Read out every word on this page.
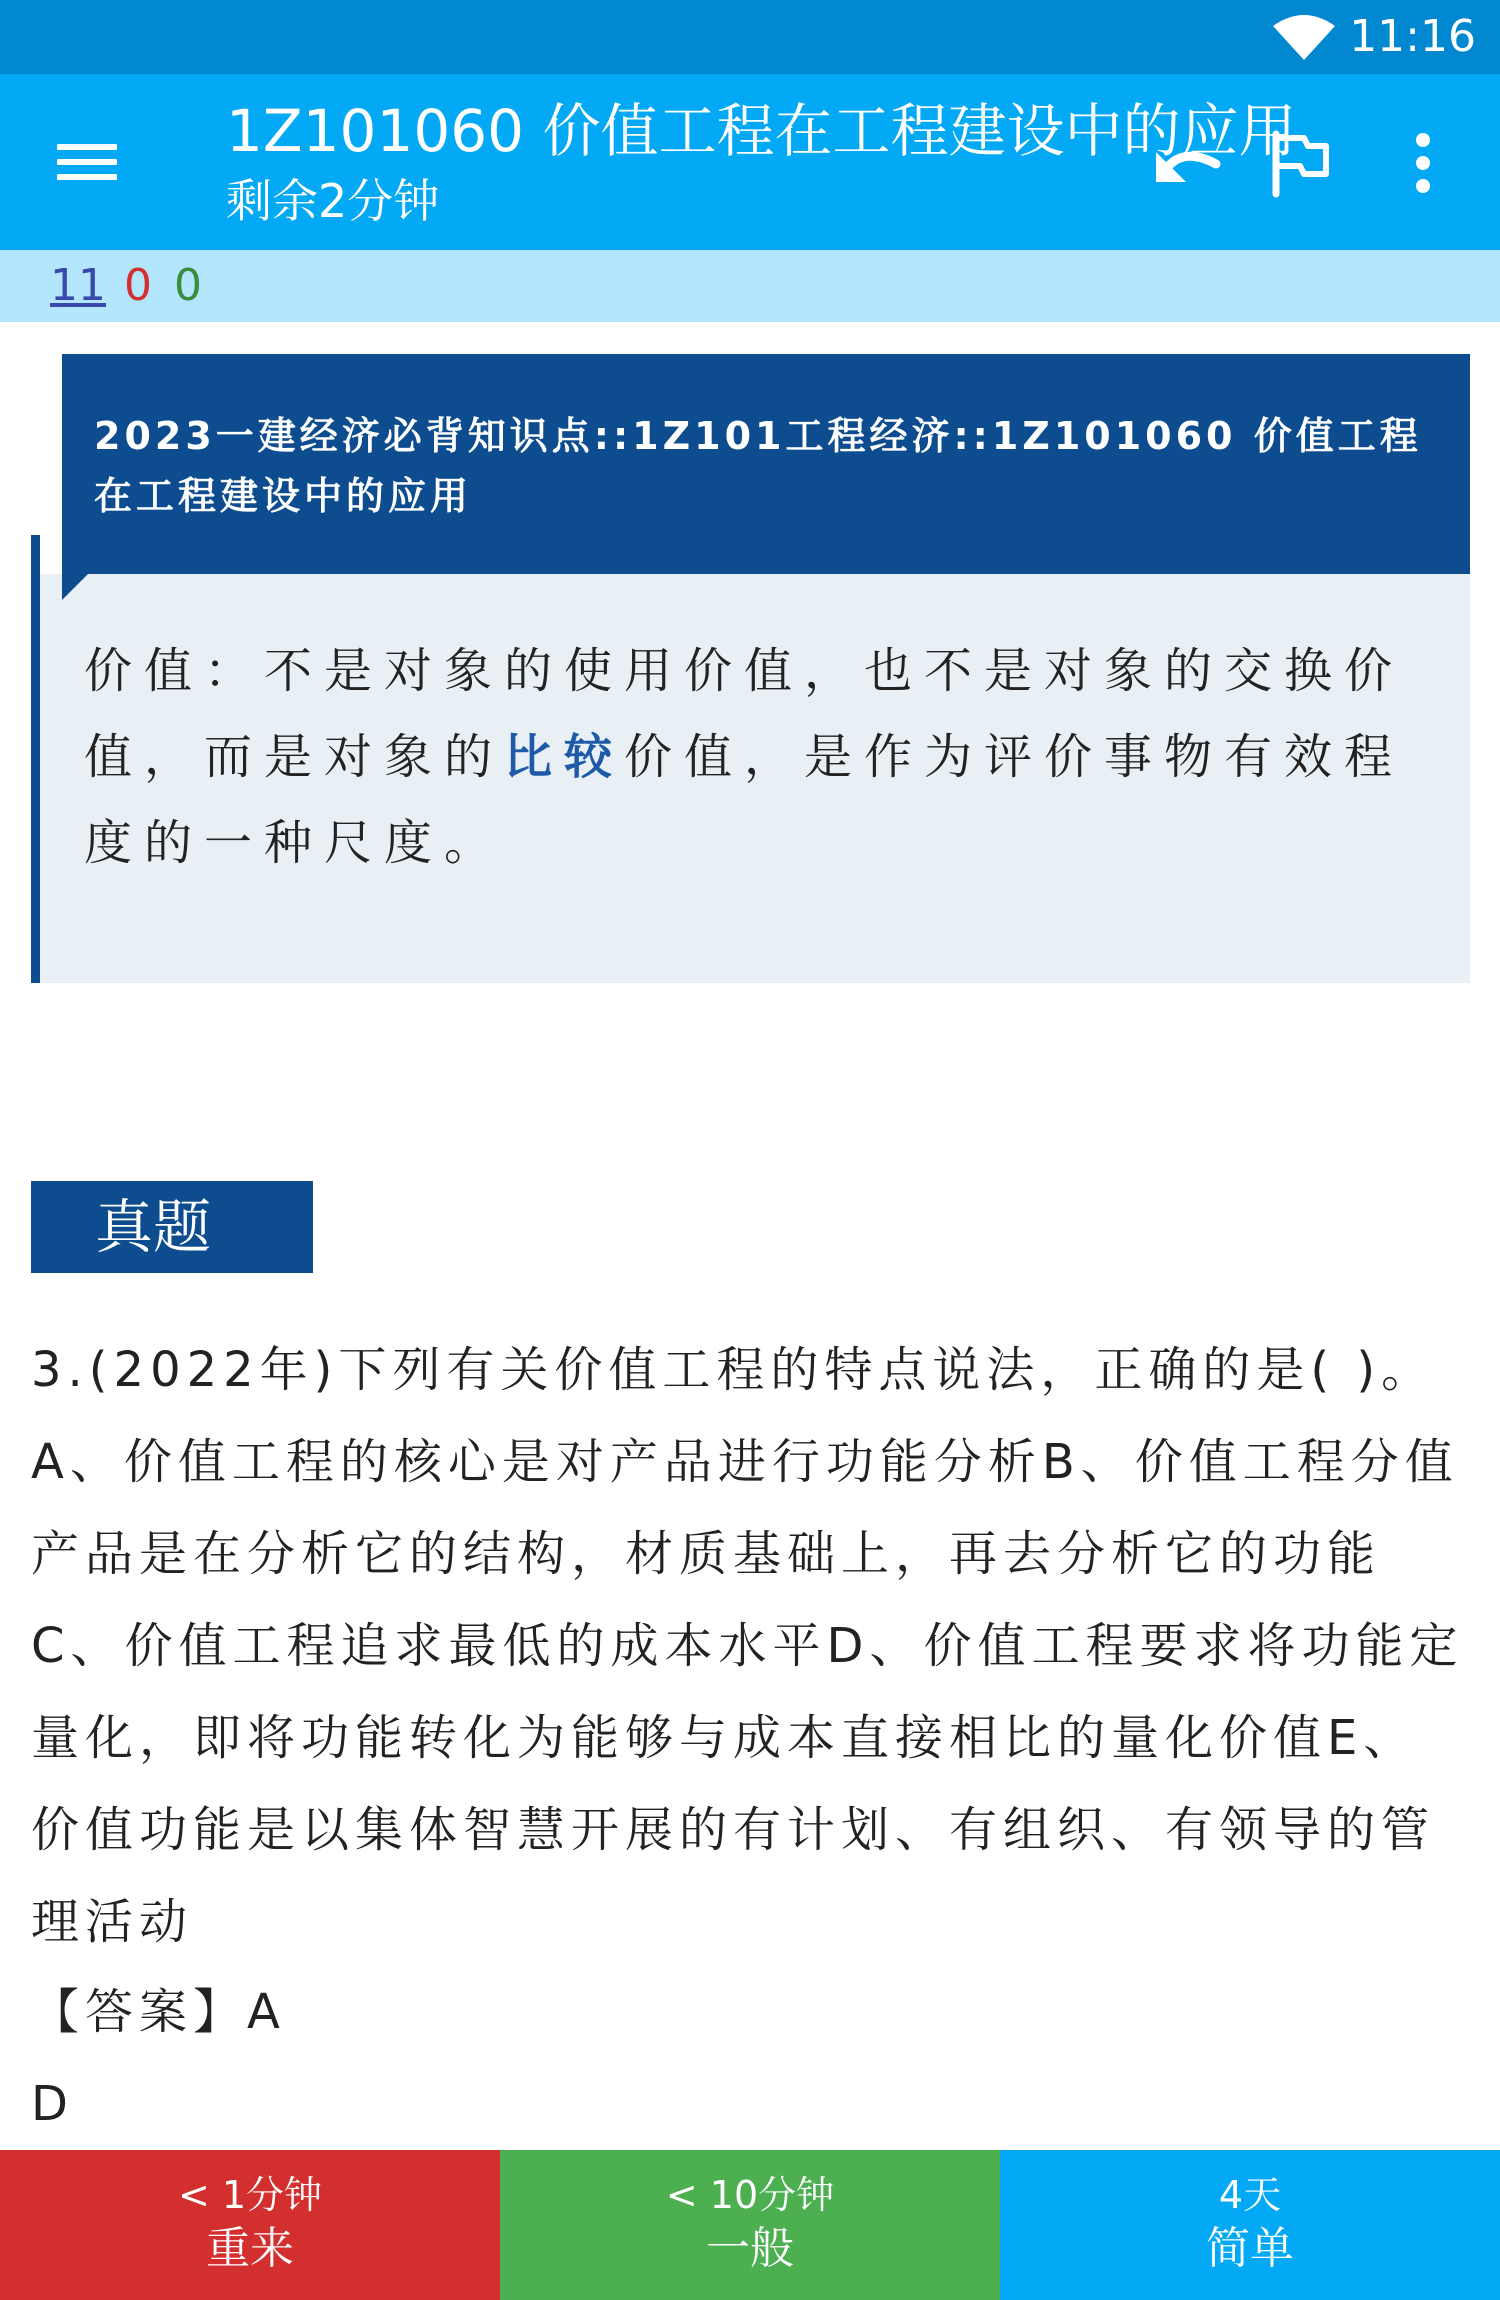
11:16
1Z101060 价值工程在工程建设中的应用
剩余2分钟
11 0 0
2023一建经济必背知识点::1Z101工程经济::1Z101060 价值工程在工程建设中的应用
价值：不是对象的使用价值，也不是对象的交换价值，而是对象的比较价值，是作为评价事物有效程度的一种尺度。
真题
3.(2022年)下列有关价值工程的特点说法，正确的是( )。A、价值工程的核心是对产品进行功能分析B、价值工程分值产品是在分析它的结构，材质基础上，再去分析它的功能C、价值工程追求最低的成本水平D、价值工程要求将功能定量化，即将功能转化为能够与成本直接相比的量化价值E、价值功能是以集体智慧开展的有计划、有组织、有领导的管理活动
【答案】A
D
< 1分钟
重来
< 10分钟
一般
4天
简单
